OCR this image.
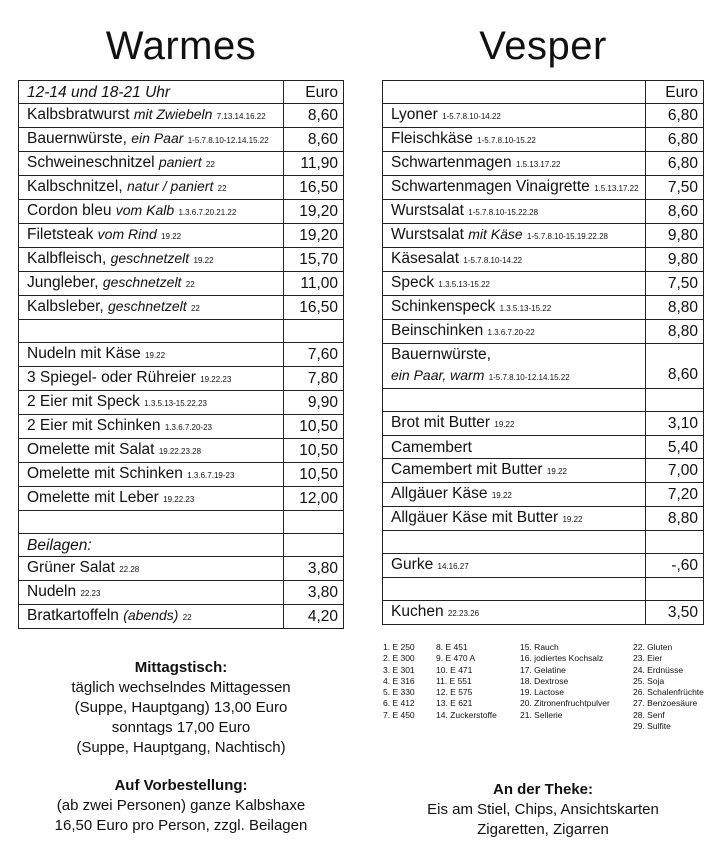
Warmes	Vesper
12-14 und 18-21 Uhr	Euro
Kalbsbratwurst mit Zwiebeln 7.13.14.16.22	8,60
Bauernwürste, ein Paar 1-5.7.8.10-12.14.15.22	8,60
Schweineschnitzel paniert 22	11,90
Kalbschnitzel, natur / paniert 22	16,50
Cordon bleu vom Kalb 1.3.6.7.20.21.22	19,20
Filetsteak vom Rind 19.22	19,20
Kalbfleisch, geschnetzelt 19.22	15,70
Jungleber, geschnetzelt 22	11,00
Kalbsleber, geschnetzelt 22	16,50

Nudeln mit Käse 19.22	7,60
3 Spiegel- oder Rühreier 19.22.23	7,80
2 Eier mit Speck 1.3.5.13-15.22.23	9,90
2 Eier mit Schinken 1.3.6.7.20-23	10,50
Omelette mit Salat 19.22.23.28	10,50
Omelette mit Schinken 1.3.6.7.19-23	10,50
Omelette mit Leber 19.22.23	12,00

Beilagen:	
Grüner Salat 22.28	3,80
Nudeln 22.23	3,80
Bratkartoffeln (abends) 22	4,20
	Euro
Lyoner 1-5.7.8.10-14.22	6,80
Fleischkäse 1-5.7.8.10-15.22	6,80
Schwartenmagen 1.5.13.17.22	6,80
Schwartenmagen Vinaigrette 1.5.13.17.22	7,50
Wurstsalat 1-5.7.8.10-15.22.28	8,60
Wurstsalat mit Käse 1-5.7.8.10-15.19.22.28	9,80
Käsesalat 1-5.7.8.10-14.22	9,80
Speck 1.3.5.13-15.22	7,50
Schinkenspeck 1.3.5.13-15.22	8,80
Beinschinken 1.3.6.7.20-22	8,80

Bauernwürste,
ein Paar, warm 1-5.7.8.10-12.14.15.22	8,60

Brot mit Butter 19.22	3,10
Camembert	5,40
Camembert mit Butter 19.22	7,00
Allgäuer Käse 19.22	7,20
Allgäuer Käse mit Butter 19.22	8,80

Gurke 14.16.27	-,60

Kuchen 22.23.26	3,50
Mittagstisch:
täglich wechselndes Mittagessen
(Suppe, Hauptgang) 13,00 Euro
sonntags 17,00 Euro
(Suppe, Hauptgang, Nachtisch)
Auf Vorbestellung:
(ab zwei Personen) ganze Kalbshaxe
16,50 Euro pro Person, zzgl. Beilagen
An der Theke:
Eis am Stiel, Chips, Ansichtskarten
Zigaretten, Zigarren
1. E 250
2. E 300
3. E 301
4. E 316
5. E 330
6. E 412
7. E 450
8. E 451
9. E 470 A
10. E 471
11. E 551
12. E 575
13. E 621
14. Zuckerstoffe
15. Rauch
16. jodiertes Kochsalz
17. Gelatine
18. Dextrose
19. Lactose
20. Zitronenfruchtpulver
21. Sellerie
22. Gluten
23. Eier
24. Erdnüsse
25. Soja
26. Schalenfrüchte
27. Benzoesäure
28. Senf
29. Sulfite
